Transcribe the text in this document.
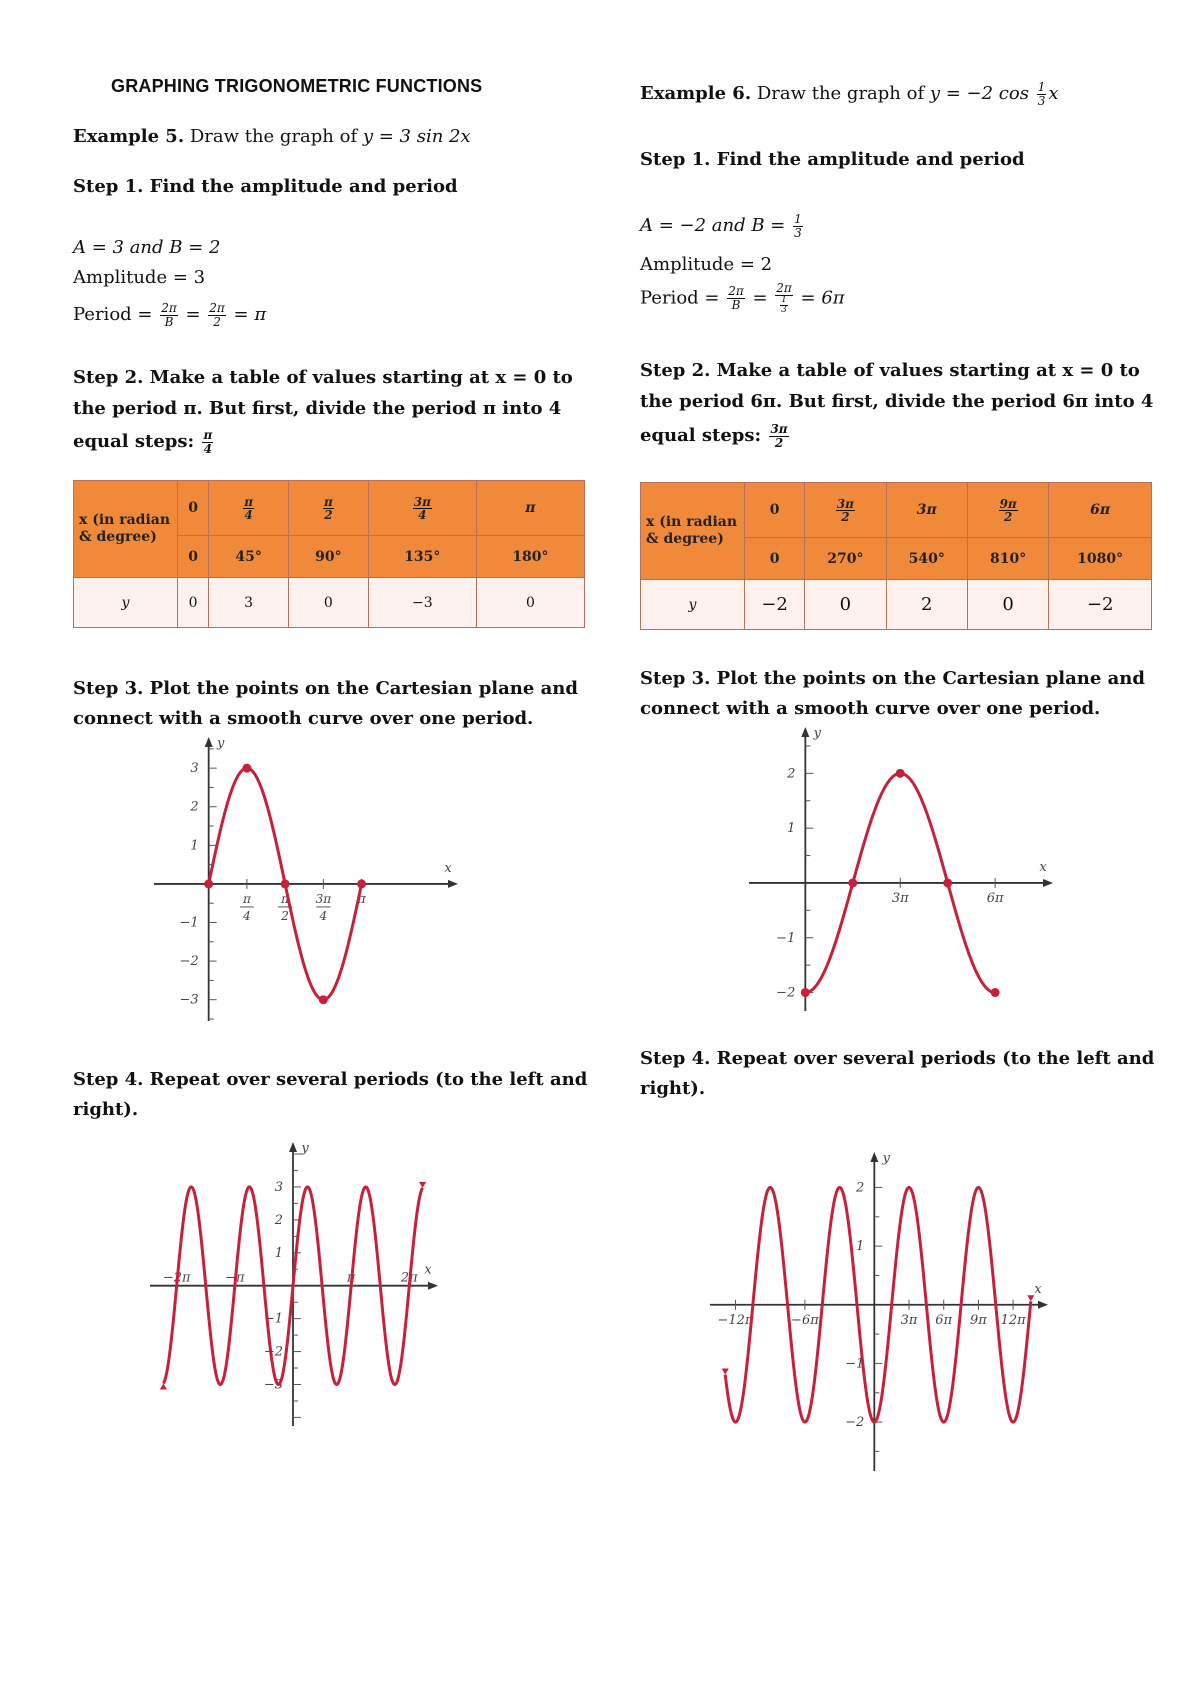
GRAPHING TRIGONOMETRIC FUNCTIONS
Example 5. Draw the graph of y = 3 sin 2x
Step 1. Find the amplitude and period
A = 3 and B = 2
Amplitude = 3
Period = $\frac{2\pi}{B} = \frac{2\pi}{2} = \pi$
Step 2. Make a table of values starting at x = 0 to
the period π. But first, divide the period π into 4
equal steps: $\frac{\pi}{4}$
x (in radian & degree)	0	$\frac{\pi}{4}$	$\frac{\pi}{2}$	$\frac{3\pi}{4}$	π
	0	45°	90°	135°	180°
y	0	3	0	−3	0
Step 3. Plot the points on the Cartesian plane and
connect with a smooth curve over one period.
Step 4. Repeat over several periods (to the left and
right).
Example 6. Draw the graph of y = −2 $\cos \frac{1}{3}$ x
Step 1. Find the amplitude and period
A = −2 and $B = \frac{1}{3}$
Amplitude = 2
Period = $\frac{2\pi}{B} = \frac{2\pi}{\frac{1}{3}} = 6\pi$
Step 2. Make a table of values starting at x = 0 to
the period 6π. But first, divide the period 6π into 4
equal steps: $\frac{3\pi}{2}$
x (in radian & degree)	0	$\frac{3\pi}{2}$	3π	$\frac{9\pi}{2}$	6π
	0	270°	540°	810°	1080°
y	−2	0	2	0	−2
Step 3. Plot the points on the Cartesian plane and
connect with a smooth curve over one period.
Step 4. Repeat over several periods (to the left and
right).
x
y
3
2
1
−1
−2
−3
π
4
π
2
3π
4
π
x
y
2
1
−1
−2
3π	6π
x
y
3
2
1
−1
−2
−3
−2π	−π	π	2π
x
y
2
1
−1
−2
−12π	−6π	3π 6π 9π 12π
